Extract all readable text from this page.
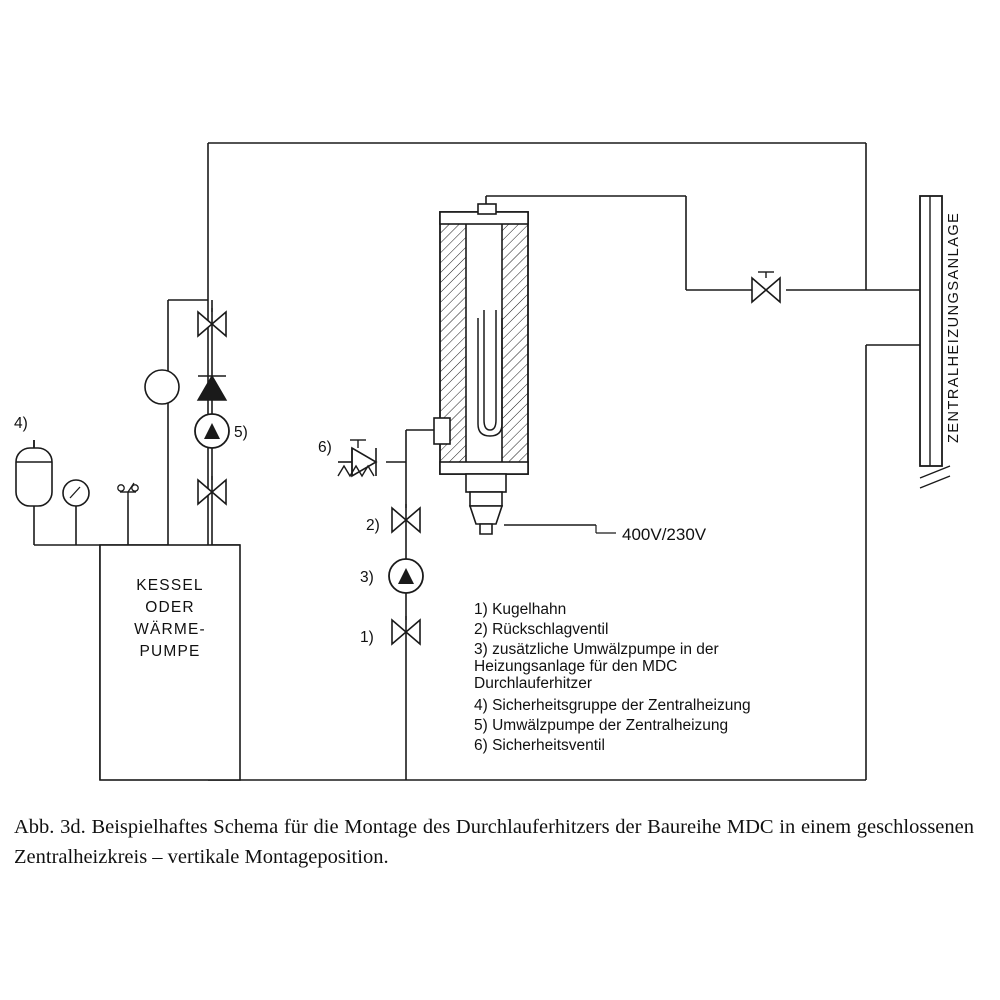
KESSEL
ODER
WÄRME-
PUMPE
4)
5)
6)
2)
3)
1)
ZENTRALHEIZUNGSANLAGE
400V/230V
1) Kugelhahn
2) Rückschlagventil
3) zusätzliche Umwälzpumpe in der
Heizungsanlage für den MDC
Durchlauferhitzer
4) Sicherheitsgruppe der Zentralheizung
5) Umwälzpumpe der Zentralheizung
6) Sicherheitsventil
Abb. 3d. Beispielhaftes Schema für die Montage des Durchlauferhitzers der Baureihe MDC in einem geschlossenen Zentralheizkreis – vertikale Montageposition.
